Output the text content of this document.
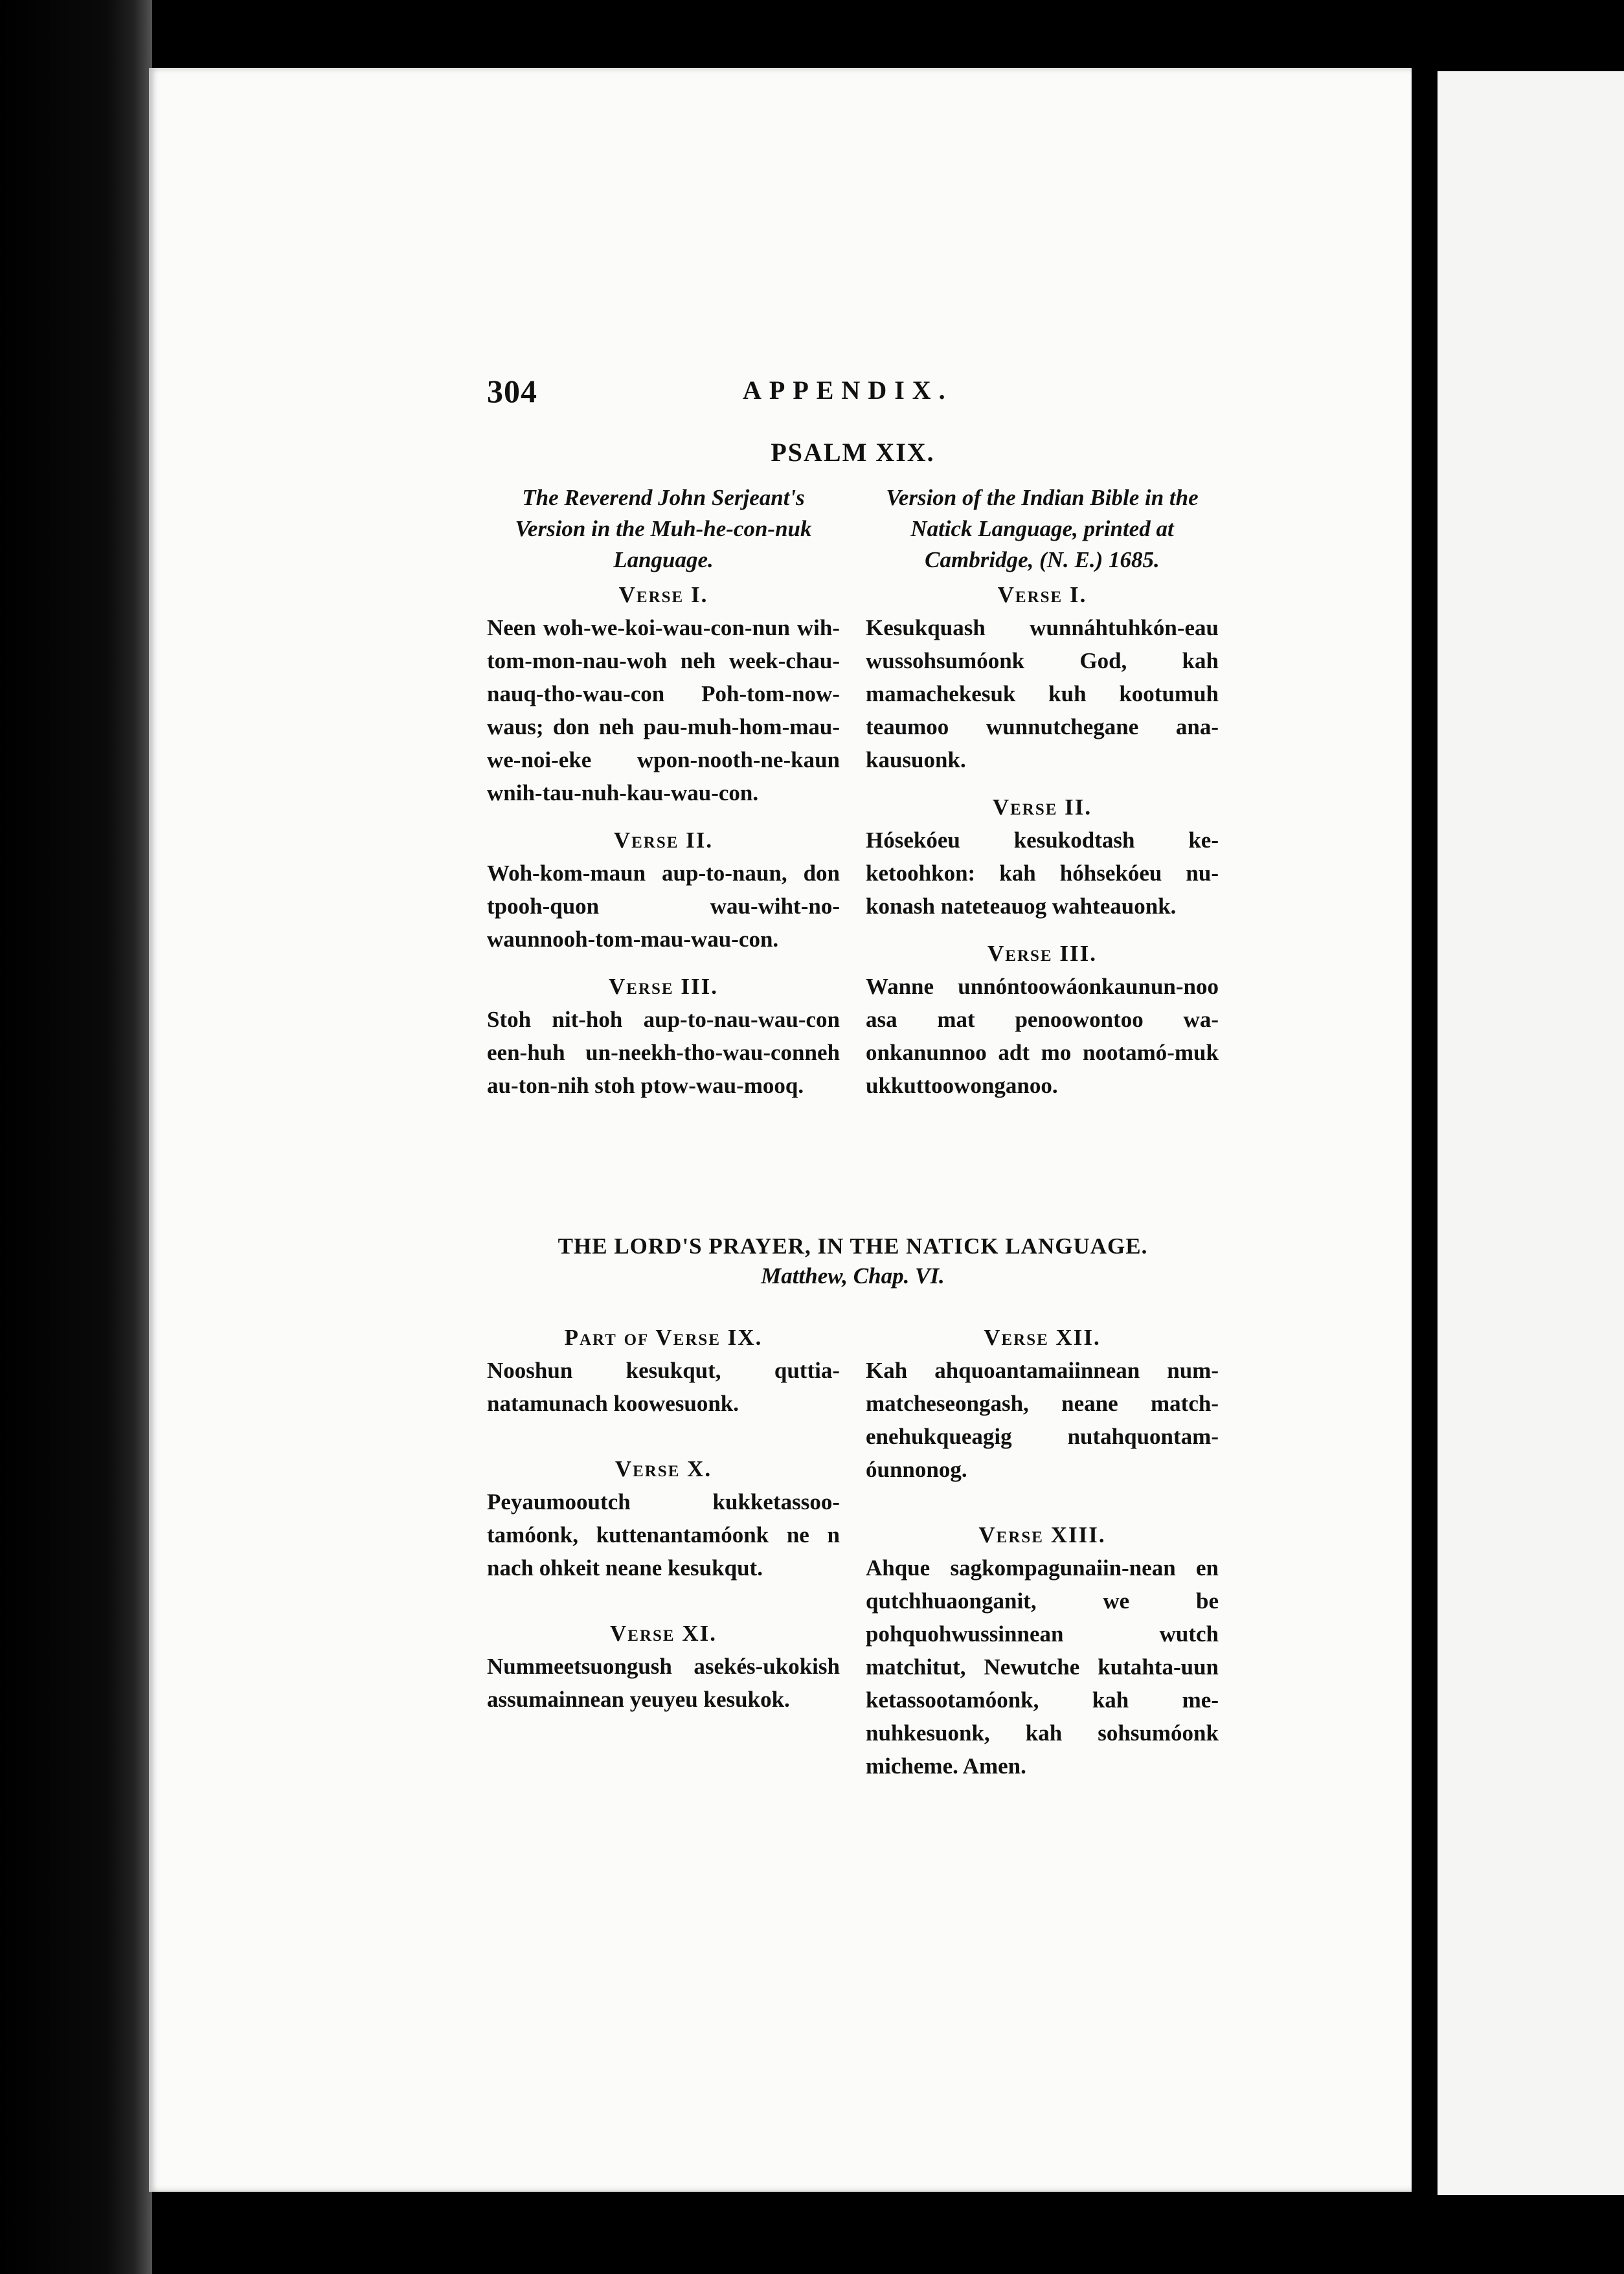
304	APPENDIX.
PSALM XIX.
The Reverend John Serjeant's Version in the Muh-he-con-nuk Language.

Verse I.

Neen woh-we-koi-wau-con-nun wih-tom-mon-nau-woh neh week-chau-nauq-tho-wau-con Poh-tom-now-waus; don neh pau-muh-hom-mau-we-noi-eke wpon-nooth-ne-kaun wnih-tau-nuh-kau-wau-con.

Verse II.

Woh-kom-maun aup-to-naun, don tpooh-quon wau-wiht-no-waunnooh-tom-mau-wau-con.

Verse III.

Stoh nit-hoh aup-to-nau-wau-con een-huh un-neekh-tho-wau-conneh au-ton-nih stoh ptow-wau-mooq.

Version of the Indian Bible in the Natick Language, printed at Cambridge, (N. E.) 1685.

Verse I.

Kesukquash wunnáhtuhkón-eau wussohsumóonk God, kah mamachekesuk kuh kootumuh teaumoo wunnutchegane ana-kausuonk.

Verse II.

Hósekóeu kesukodtash ke-ketoohkon: kah hóhsekóeu nu-konash nateteauog wahteauonk.

Verse III.

Wanne unnóntoowáonkaunun-noo asa mat penoowontoo wa-onkanunnoo adt mo nootamó-muk ukkuttoowonganoo.

THE LORD'S PRAYER, IN THE NATICK LANGUAGE.
Matthew, Chap. VI.

Part of Verse IX.

Nooshun kesukqut, quttia-natamunach koowesuonk.

Verse X.

Peyaumooutch kukketassoo-tamóonk, kuttenantamóonk ne n nach ohkeit neane kesukqut.

Verse XI.

Nummeetsuongush asekés-ukokish assumainnean yeuyeu kesukok.

Verse XII.

Kah ahquoantamaiinnean num-matcheseongash, neane match-enehukqueagig nutahquontam-óunnonog.

Verse XIII.

Ahque sagkompagunaiin-nean en qutchhuaonganit, we be pohquohwussinnean wutch matchitut, Newutche kutahta-uun ketassootamóonk, kah me-nuhkesuonk, kah sohsumóonk micheme. Amen.
